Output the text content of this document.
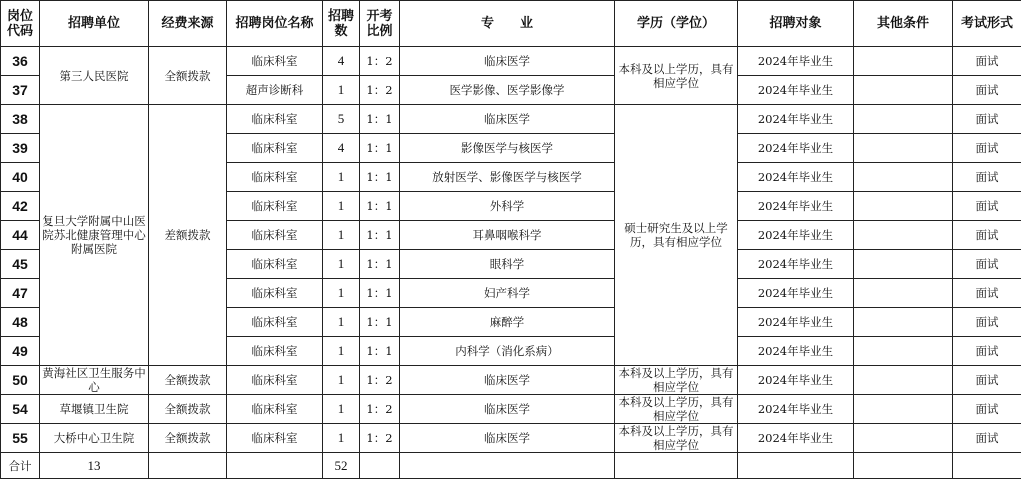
岗位代码	招聘单位	经费来源	招聘岗位名称	招聘数	开考比例	专　　业	学历（学位）	招聘对象	其他条件	考试形式
36	第三人民医院	全额拨款	临床科室	4	1：2	临床医学	本科及以上学历，具有相应学位	2024年毕业生		面试
37			超声诊断科	1	1：2	医学影像、医学影像学		2024年毕业生		面试
38	复旦大学附属中山医院苏北健康管理中心附属医院	差额拨款	临床科室	5	1：1	临床医学	硕士研究生及以上学历，具有相应学位	2024年毕业生		面试
39			临床科室	4	1：1	影像医学与核医学		2024年毕业生		面试
40			临床科室	1	1：1	放射医学、影像医学与核医学		2024年毕业生		面试
42			临床科室	1	1：1	外科学		2024年毕业生		面试
44			临床科室	1	1：1	耳鼻咽喉科学		2024年毕业生		面试
45			临床科室	1	1：1	眼科学		2024年毕业生		面试
47			临床科室	1	1：1	妇产科学		2024年毕业生		面试
48			临床科室	1	1：1	麻醉学		2024年毕业生		面试
49			临床科室	1	1：1	内科学（消化系病）		2024年毕业生		面试
50	黄海社区卫生服务中心	全额拨款	临床科室	1	1：2	临床医学	本科及以上学历，具有相应学位	2024年毕业生		面试
54	草堰镇卫生院	全额拨款	临床科室	1	1：2	临床医学	本科及以上学历，具有相应学位	2024年毕业生		面试
55	大桥中心卫生院	全额拨款	临床科室	1	1：2	临床医学	本科及以上学历，具有相应学位	2024年毕业生		面试
合计	13			52						
